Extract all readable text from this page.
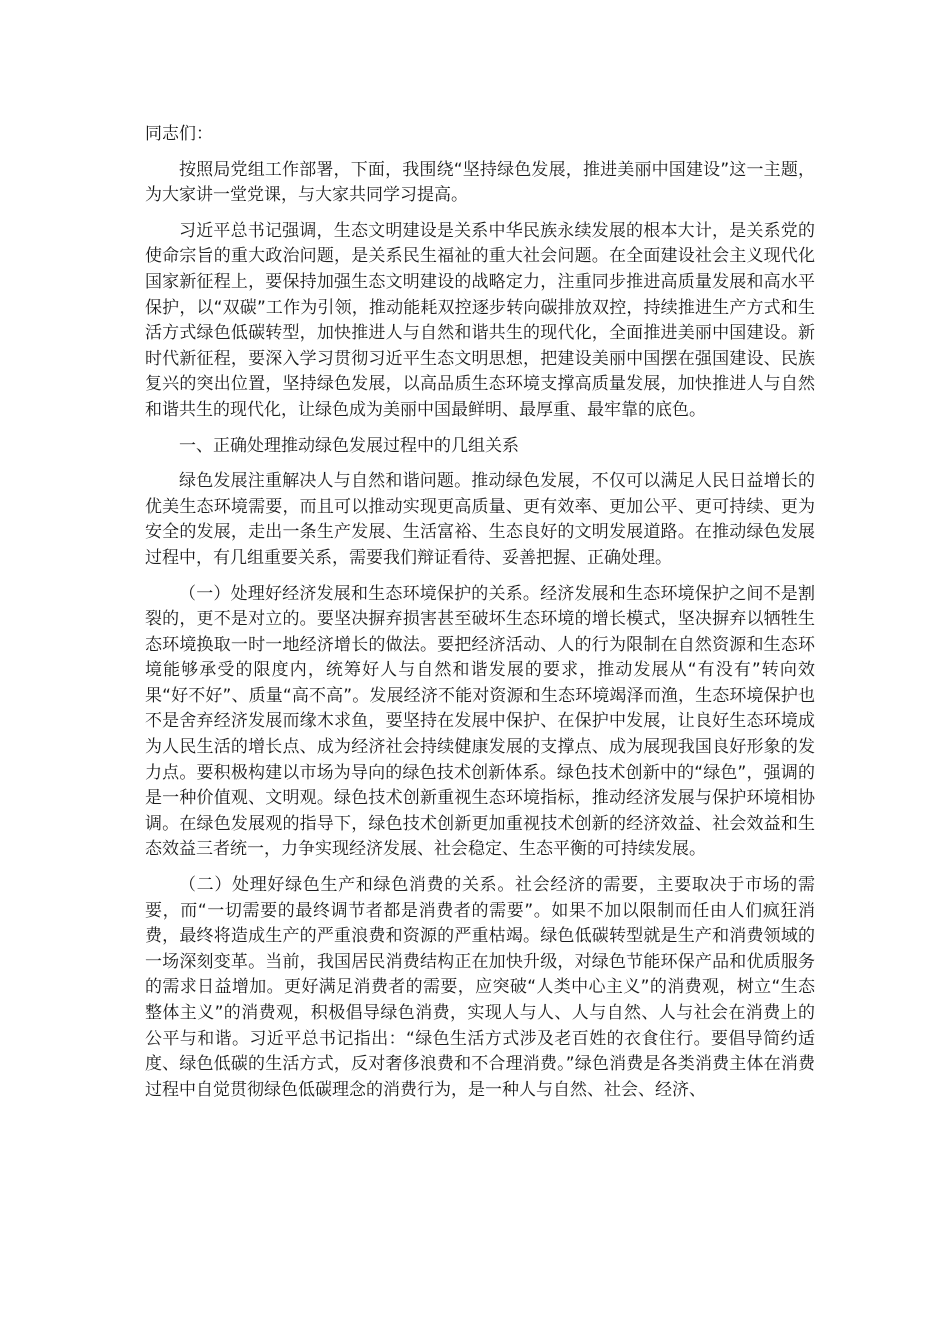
同志们：

按照局党组工作部署，下面，我围绕“坚持绿色发展，推进美丽中国建设”这一主题，为大家讲一堂党课，与大家共同学习提高。

习近平总书记强调，生态文明建设是关系中华民族永续发展的根本大计，是关系党的使命宗旨的重大政治问题，是关系民生福祉的重大社会问题。在全面建设社会主义现代化国家新征程上，要保持加强生态文明建设的战略定力，注重同步推进高质量发展和高水平保护，以“双碳”工作为引领，推动能耗双控逐步转向碳排放双控，持续推进生产方式和生活方式绿色低碳转型，加快推进人与自然和谐共生的现代化，全面推进美丽中国建设。新时代新征程，要深入学习贯彻习近平生态文明思想，把建设美丽中国摆在强国建设、民族复兴的突出位置，坚持绿色发展，以高品质生态环境支撑高质量发展，加快推进人与自然和谐共生的现代化，让绿色成为美丽中国最鲜明、最厚重、最牢靠的底色。

一、正确处理推动绿色发展过程中的几组关系

绿色发展注重解决人与自然和谐问题。推动绿色发展，不仅可以满足人民日益增长的优美生态环境需要，而且可以推动实现更高质量、更有效率、更加公平、更可持续、更为安全的发展，走出一条生产发展、生活富裕、生态良好的文明发展道路。在推动绿色发展过程中，有几组重要关系，需要我们辩证看待、妥善把握、正确处理。

（一）处理好经济发展和生态环境保护的关系。经济发展和生态环境保护之间不是割裂的，更不是对立的。要坚决摒弃损害甚至破坏生态环境的增长模式，坚决摒弃以牺牲生态环境换取一时一地经济增长的做法。要把经济活动、人的行为限制在自然资源和生态环境能够承受的限度内，统筹好人与自然和谐发展的要求，推动发展从“有没有”转向效果“好不好”、质量“高不高”。发展经济不能对资源和生态环境竭泽而渔，生态环境保护也不是舍弃经济发展而缘木求鱼，要坚持在发展中保护、在保护中发展，让良好生态环境成为人民生活的增长点、成为经济社会持续健康发展的支撑点、成为展现我国良好形象的发力点。要积极构建以市场为导向的绿色技术创新体系。绿色技术创新中的“绿色”，强调的是一种价值观、文明观。绿色技术创新重视生态环境指标，推动经济发展与保护环境相协调。在绿色发展观的指导下，绿色技术创新更加重视技术创新的经济效益、社会效益和生态效益三者统一，力争实现经济发展、社会稳定、生态平衡的可持续发展。

（二）处理好绿色生产和绿色消费的关系。社会经济的需要，主要取决于市场的需要，而“一切需要的最终调节者都是消费者的需要”。如果不加以限制而任由人们疯狂消费，最终将造成生产的严重浪费和资源的严重枯竭。绿色低碳转型就是生产和消费领域的一场深刻变革。当前，我国居民消费结构正在加快升级，对绿色节能环保产品和优质服务的需求日益增加。更好满足消费者的需要，应突破“人类中心主义”的消费观，树立“生态整体主义”的消费观，积极倡导绿色消费，实现人与人、人与自然、人与社会在消费上的公平与和谐。习近平总书记指出：“绿色生活方式涉及老百姓的衣食住行。要倡导简约适度、绿色低碳的生活方式，反对奢侈浪费和不合理消费。”绿色消费是各类消费主体在消费过程中自觉贯彻绿色低碳理念的消费行为，是一种人与自然、社会、经济、
